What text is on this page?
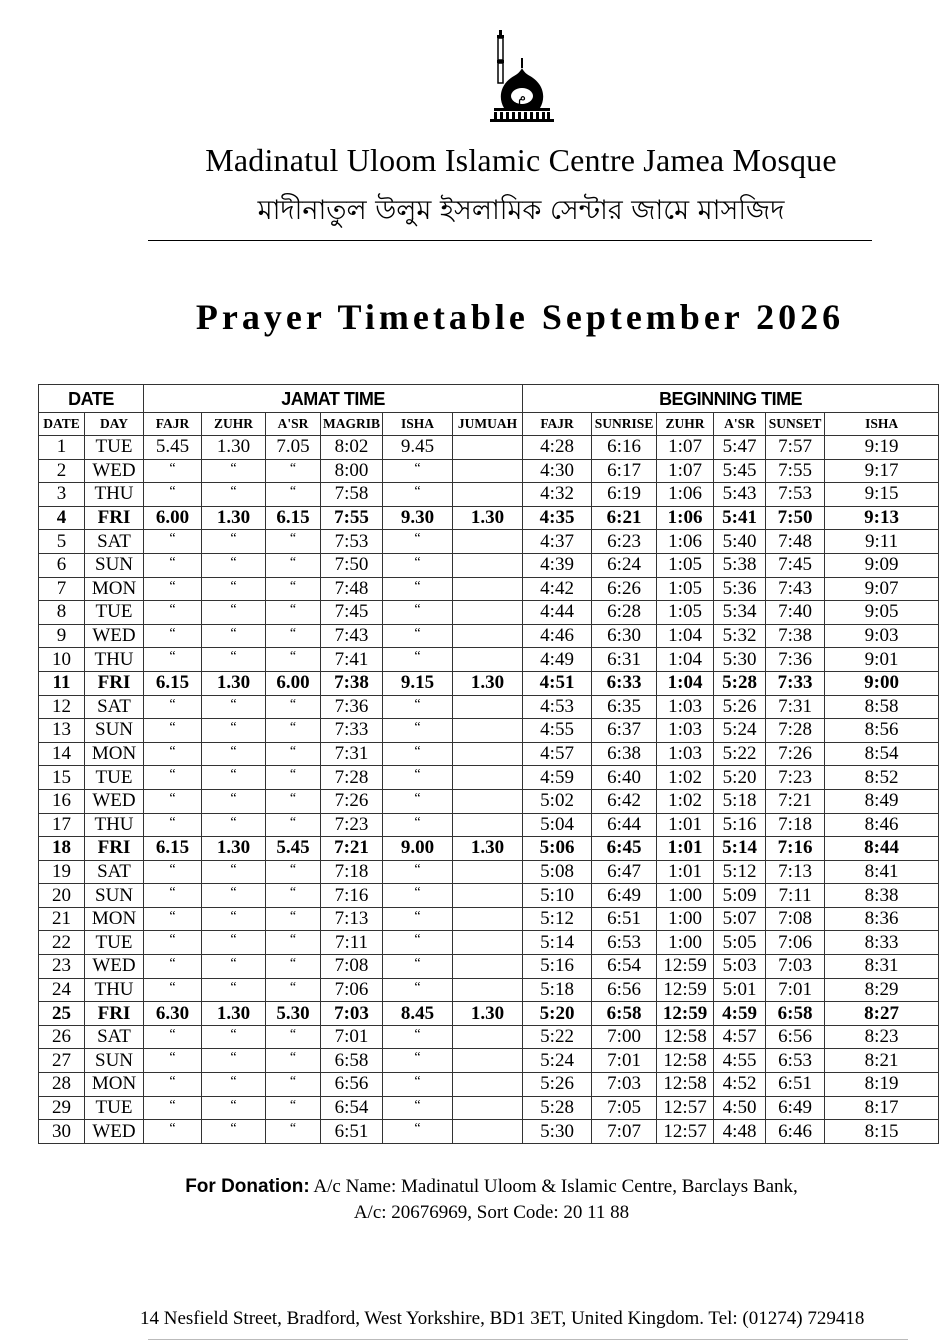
م
Madinatul Uloom Islamic Centre Jamea Mosque
মাদীনাতুল উলুম ইসলামিক সেন্টার জামে মাসজিদ
Prayer Timetable September 2026
DATE		JAMAT TIME						BEGINNING TIME					
DATE	DAY	FAJR	ZUHR	A'SR	MAGRIB	ISHA	JUMUAH	FAJR	SUNRISE	ZUHR	A'SR	SUNSET	ISHA
1	TUE	5.45	1.30	7.05	8:02	9.45		4:28	6:16	1:07	5:47	7:57	9:19
2	WED	“	“	“	8:00	“		4:30	6:17	1:07	5:45	7:55	9:17
3	THU	“	“	“	7:58	“		4:32	6:19	1:06	5:43	7:53	9:15
4	FRI	6.00	1.30	6.15	7:55	9.30	1.30	4:35	6:21	1:06	5:41	7:50	9:13
5	SAT	“	“	“	7:53	“		4:37	6:23	1:06	5:40	7:48	9:11
6	SUN	“	“	“	7:50	“		4:39	6:24	1:05	5:38	7:45	9:09
7	MON	“	“	“	7:48	“		4:42	6:26	1:05	5:36	7:43	9:07
8	TUE	“	“	“	7:45	“		4:44	6:28	1:05	5:34	7:40	9:05
9	WED	“	“	“	7:43	“		4:46	6:30	1:04	5:32	7:38	9:03
10	THU	“	“	“	7:41	“		4:49	6:31	1:04	5:30	7:36	9:01
11	FRI	6.15	1.30	6.00	7:38	9.15	1.30	4:51	6:33	1:04	5:28	7:33	9:00
12	SAT	“	“	“	7:36	“		4:53	6:35	1:03	5:26	7:31	8:58
13	SUN	“	“	“	7:33	“		4:55	6:37	1:03	5:24	7:28	8:56
14	MON	“	“	“	7:31	“		4:57	6:38	1:03	5:22	7:26	8:54
15	TUE	“	“	“	7:28	“		4:59	6:40	1:02	5:20	7:23	8:52
16	WED	“	“	“	7:26	“		5:02	6:42	1:02	5:18	7:21	8:49
17	THU	“	“	“	7:23	“		5:04	6:44	1:01	5:16	7:18	8:46
18	FRI	6.15	1.30	5.45	7:21	9.00	1.30	5:06	6:45	1:01	5:14	7:16	8:44
19	SAT	“	“	“	7:18	“		5:08	6:47	1:01	5:12	7:13	8:41
20	SUN	“	“	“	7:16	“		5:10	6:49	1:00	5:09	7:11	8:38
21	MON	“	“	“	7:13	“		5:12	6:51	1:00	5:07	7:08	8:36
22	TUE	“	“	“	7:11	“		5:14	6:53	1:00	5:05	7:06	8:33
23	WED	“	“	“	7:08	“		5:16	6:54	12:59	5:03	7:03	8:31
24	THU	“	“	“	7:06	“		5:18	6:56	12:59	5:01	7:01	8:29
25	FRI	6.30	1.30	5.30	7:03	8.45	1.30	5:20	6:58	12:59	4:59	6:58	8:27
26	SAT	“	“	“	7:01	“		5:22	7:00	12:58	4:57	6:56	8:23
27	SUN	“	“	“	6:58	“		5:24	7:01	12:58	4:55	6:53	8:21
28	MON	“	“	“	6:56	“		5:26	7:03	12:58	4:52	6:51	8:19
29	TUE	“	“	“	6:54	“		5:28	7:05	12:57	4:50	6:49	8:17
30	WED	“	“	“	6:51	“		5:30	7:07	12:57	4:48	6:46	8:15
For Donation: A/c Name: Madinatul Uloom & Islamic Centre, Barclays Bank,
A/c: 20676969, Sort Code: 20 11 88
14 Nesfield Street, Bradford, West Yorkshire, BD1 3ET, United Kingdom. Tel: (01274) 729418
